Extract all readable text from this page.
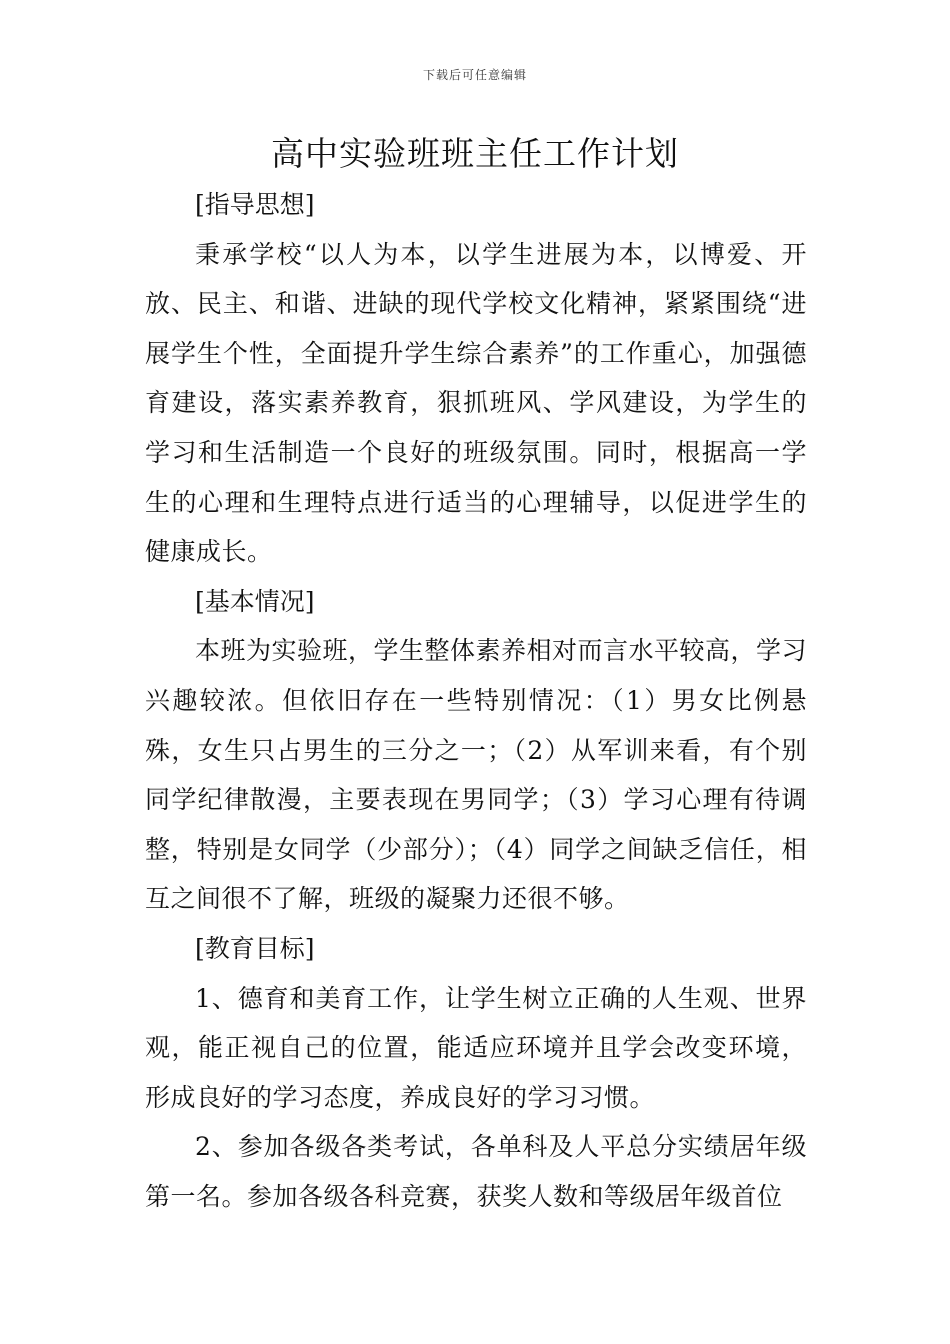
下载后可任意编辑
高中实验班班主任工作计划

[指导思想]

秉承学校“以人为本，以学生进展为本，以博爱、开放、民主、和谐、进缺的现代学校文化精神，紧紧围绕“进展学生个性，全面提升学生综合素养”的工作重心，加强德育建设，落实素养教育，狠抓班风、学风建设，为学生的学习和生活制造一个良好的班级氛围。同时，根据高一学生的心理和生理特点进行适当的心理辅导，以促进学生的健康成长。

[基本情况]

本班为实验班，学生整体素养相对而言水平较高，学习兴趣较浓。但依旧存在一些特别情况：（1）男女比例悬殊，女生只占男生的三分之一；（2）从军训来看，有个别同学纪律散漫，主要表现在男同学；（3）学习心理有待调整，特别是女同学（少部分）；（4）同学之间缺乏信任，相互之间很不了解，班级的凝聚力还很不够。

[教育目标]

1、德育和美育工作，让学生树立正确的人生观、世界观，能正视自己的位置，能适应环境并且学会改变环境，形成良好的学习态度，养成良好的学习习惯。

2、参加各级各类考试，各单科及人平总分实绩居年级第一名。参加各级各科竞赛，获奖人数和等级居年级首位
